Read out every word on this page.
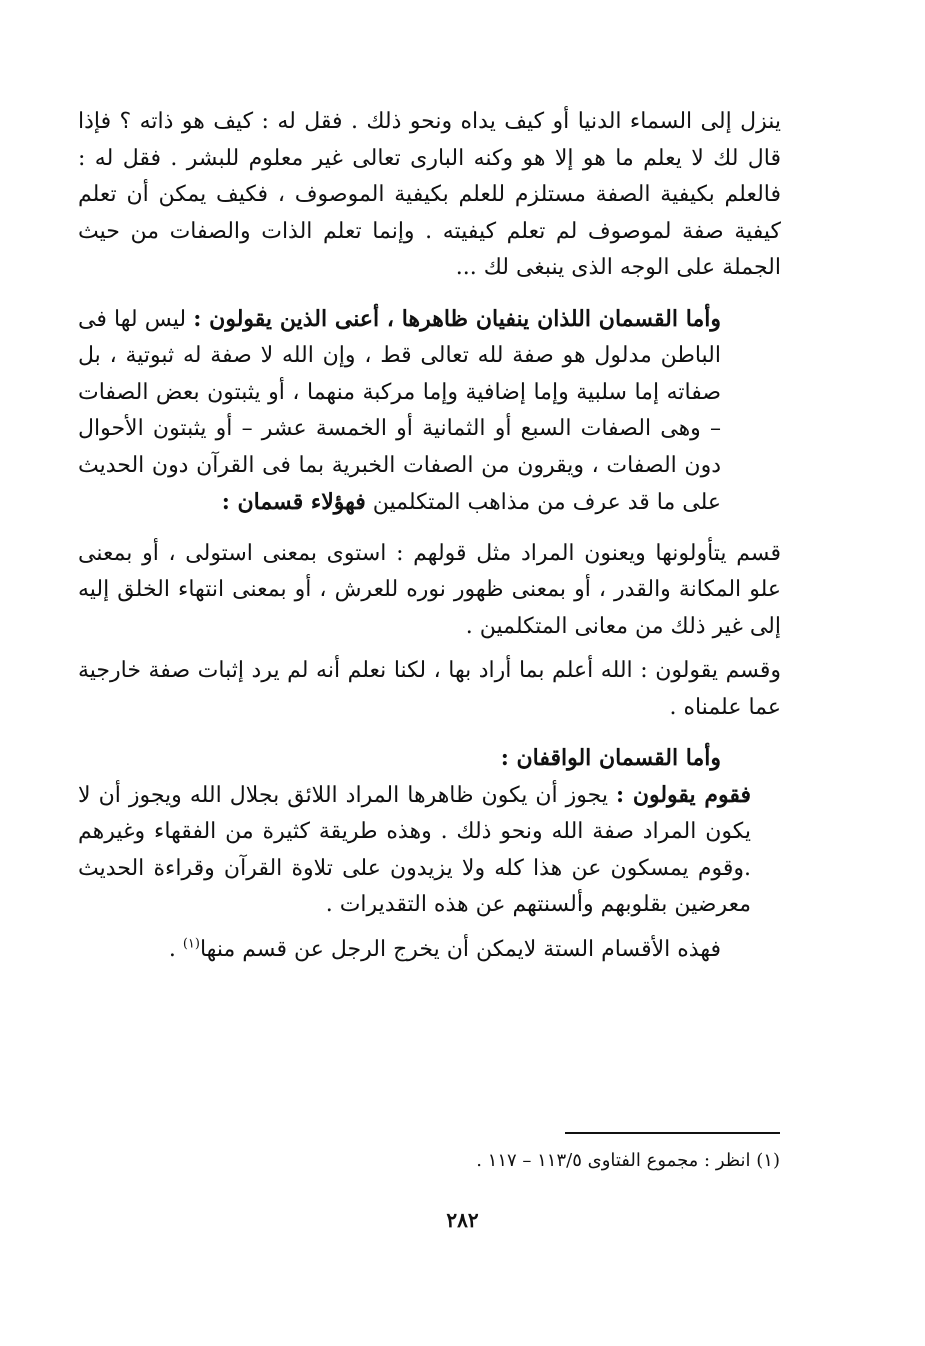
ينزل إلى السماء الدنيا أو كيف يداه ونحو ذلك . فقل له : كيف هو ذاته ؟ فإذا قال لك لا يعلم ما هو إلا هو وكنه البارى تعالى غير معلوم للبشر . فقل له : فالعلم بكيفية الصفة مستلزم للعلم بكيفية الموصوف ، فكيف يمكن أن تعلم كيفية صفة لموصوف لم تعلم كيفيته . وإنما تعلم الذات والصفات من حيث الجملة على الوجه الذى ينبغى لك ...

وأما القسمان اللذان ينفيان ظاهرها ، أعنى الذين يقولون : ليس لها فى الباطن مدلول هو صفة لله تعالى قط ، وإن الله لا صفة له ثبوتية ، بل صفاته إما سلبية وإما إضافية وإما مركبة منهما ، أو يثبتون بعض الصفات – وهى الصفات السبع أو الثمانية أو الخمسة عشر – أو يثبتون الأحوال دون الصفات ، ويقرون من الصفات الخبرية بما فى القرآن دون الحديث على ما قد عرف من مذاهب المتكلمين فهؤلاء قسمان :

قسم يتأولونها ويعنون المراد مثل قولهم : استوى بمعنى استولى ، أو بمعنى علو المكانة والقدر ، أو بمعنى ظهور نوره للعرش ، أو بمعنى انتهاء الخلق إليه إلى غير ذلك من معانى المتكلمين .

وقسم يقولون : الله أعلم بما أراد بها ، لكنا نعلم أنه لم يرد إثبات صفة خارجية عما علمناه .

وأما القسمان الواقفان :

فقوم يقولون : يجوز أن يكون ظاهرها المراد اللائق بجلال الله ويجوز أن لا يكون المراد صفة الله ونحو ذلك . وهذه طريقة كثيرة من الفقهاء وغيرهم .وقوم يمسكون عن هذا كله ولا يزيدون على تلاوة القرآن وقراءة الحديث معرضين بقلوبهم وألسنتهم عن هذه التقديرات .

فهذه الأقسام الستة لايمكن أن يخرج الرجل عن قسم منها$^{(١)}$ .

(١) انظر : مجموع الفتاوى ١١٣/٥ – ١١٧ .
٢٨٢
